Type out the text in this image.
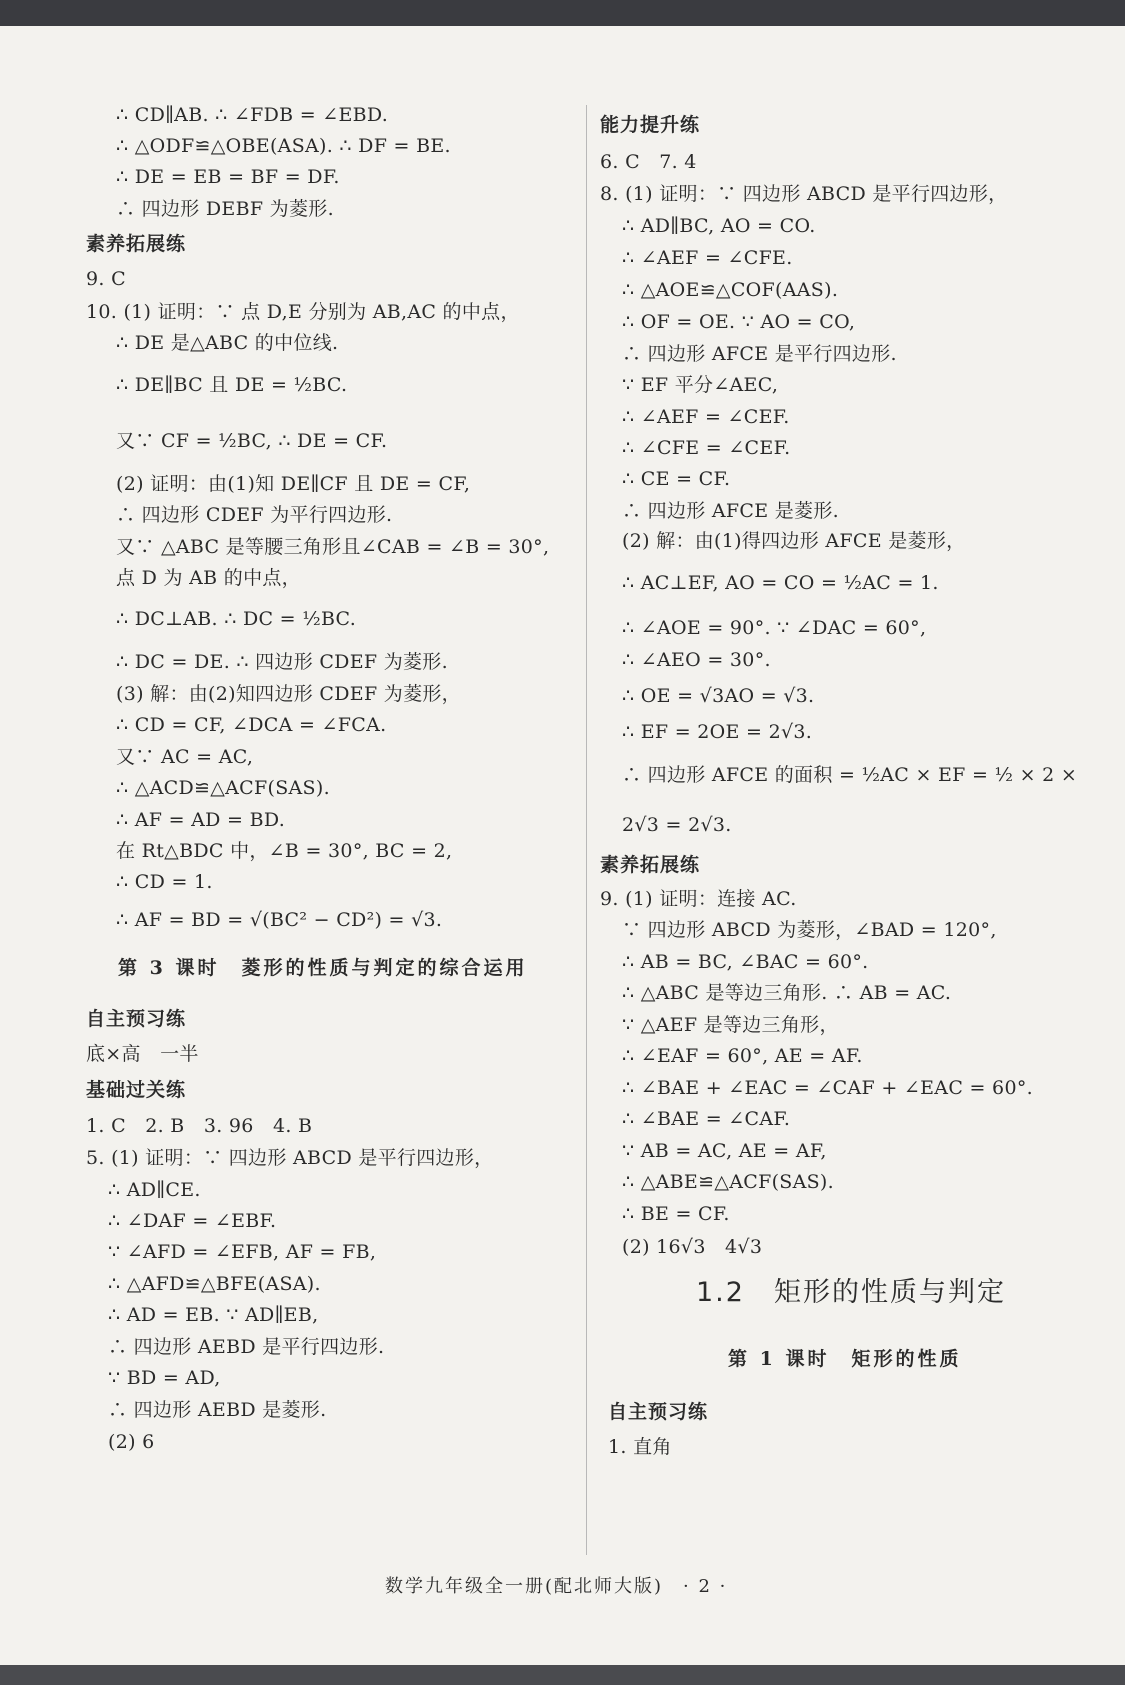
∴ CD∥AB. ∴ ∠FDB = ∠EBD.
∴ △ODF≌△OBE(ASA). ∴ DF = BE.
∴ DE = EB = BF = DF.
∴ 四边形 DEBF 为菱形.
素养拓展练
9. C
10. (1) 证明：∵ 点 D,E 分别为 AB,AC 的中点，
∴ DE 是△ABC 的中位线.
∴ DE∥BC 且 DE = ½BC.
又∵ CF = ½BC, ∴ DE = CF.
(2) 证明：由(1)知 DE∥CF 且 DE = CF,
∴ 四边形 CDEF 为平行四边形.
又∵ △ABC 是等腰三角形且∠CAB = ∠B = 30°,
点 D 为 AB 的中点，
∴ DC⊥AB. ∴ DC = ½BC.
∴ DC = DE. ∴ 四边形 CDEF 为菱形.
(3) 解：由(2)知四边形 CDEF 为菱形，
∴ CD = CF, ∠DCA = ∠FCA.
又∵ AC = AC,
∴ △ACD≌△ACF(SAS).
∴ AF = AD = BD.
在 Rt△BDC 中，∠B = 30°, BC = 2,
∴ CD = 1.
∴ AF = BD = √(BC² − CD²) = √3.
第 3 课时　菱形的性质与判定的综合运用
自主预习练
底×高　一半
基础过关练
1. C　2. B　3. 96　4. B
5. (1) 证明：∵ 四边形 ABCD 是平行四边形，
∴ AD∥CE.
∴ ∠DAF = ∠EBF.
∵ ∠AFD = ∠EFB, AF = FB,
∴ △AFD≌△BFE(ASA).
∴ AD = EB. ∵ AD∥EB,
∴ 四边形 AEBD 是平行四边形.
∵ BD = AD,
∴ 四边形 AEBD 是菱形.
(2) 6
能力提升练
6. C　7. 4
8. (1) 证明：∵ 四边形 ABCD 是平行四边形，
∴ AD∥BC, AO = CO.
∴ ∠AEF = ∠CFE.
∴ △AOE≌△COF(AAS).
∴ OF = OE. ∵ AO = CO,
∴ 四边形 AFCE 是平行四边形.
∵ EF 平分∠AEC,
∴ ∠AEF = ∠CEF.
∴ ∠CFE = ∠CEF.
∴ CE = CF.
∴ 四边形 AFCE 是菱形.
(2) 解：由(1)得四边形 AFCE 是菱形，
∴ AC⊥EF, AO = CO = ½AC = 1.
∴ ∠AOE = 90°. ∵ ∠DAC = 60°,
∴ ∠AEO = 30°.
∴ OE = √3AO = √3.
∴ EF = 2OE = 2√3.
∴ 四边形 AFCE 的面积 = ½AC × EF = ½ × 2 ×
2√3 = 2√3.
素养拓展练
9. (1) 证明：连接 AC.
∵ 四边形 ABCD 为菱形，∠BAD = 120°,
∴ AB = BC, ∠BAC = 60°.
∴ △ABC 是等边三角形. ∴ AB = AC.
∵ △AEF 是等边三角形，
∴ ∠EAF = 60°, AE = AF.
∴ ∠BAE + ∠EAC = ∠CAF + ∠EAC = 60°.
∴ ∠BAE = ∠CAF.
∵ AB = AC, AE = AF,
∴ △ABE≌△ACF(SAS).
∴ BE = CF.
(2) 16√3　4√3
1.2　矩形的性质与判定
第 1 课时　矩形的性质
自主预习练
1. 直角
数学九年级全一册(配北师大版)　· 2 ·
